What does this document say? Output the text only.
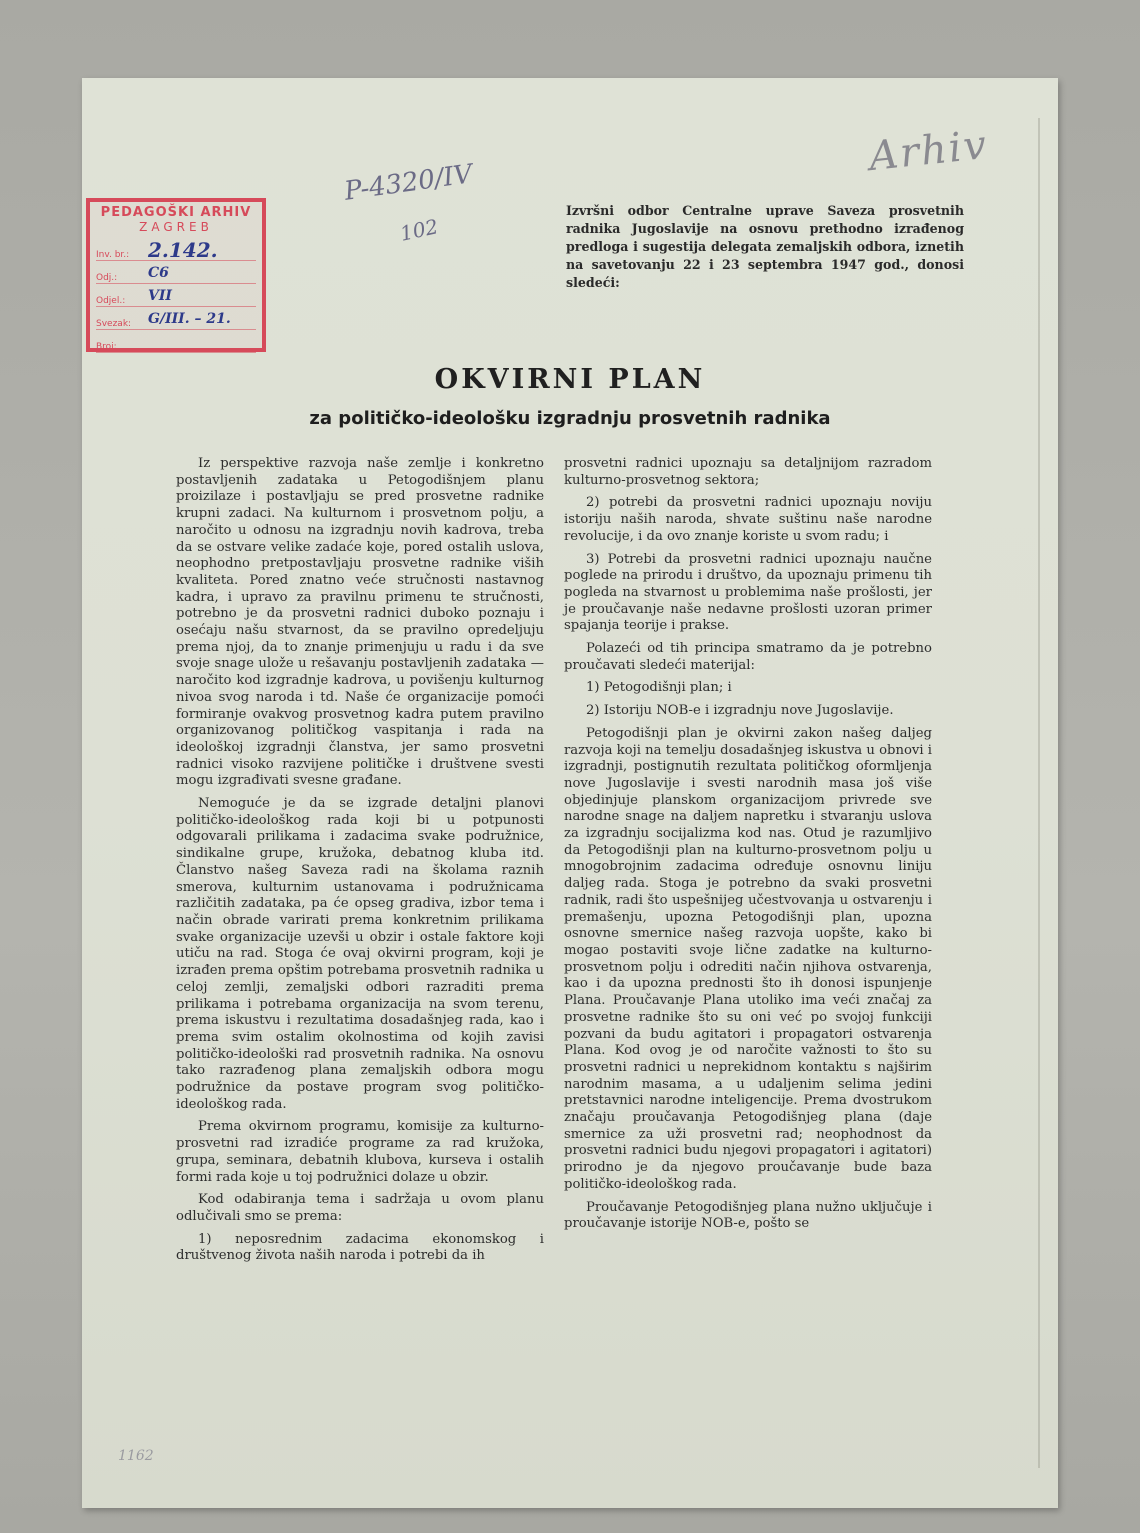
Arhiv
P-4320/IV
102
1162
PEDAGOŠKI ARHIV
ZAGREB
Inv. br.: 2.142.
Odj.:	C6
Odjel.:	VII
Svezak:	G/III. – 21.
Broj:
Izvršni odbor Centralne uprave Saveza prosvetnih radnika Jugoslavije na osnovu prethodno izrađenog predloga i sugestija delegata zemaljskih odbora, iznetih na savetovanju 22 i 23 septembra 1947 god., donosi sledeći:
OKVIRNI PLAN
za političko-ideološku izgradnju prosvetnih radnika

Iz perspektive razvoja naše zemlje i konkretno postavljenih zadataka u Petogodišnjem planu proizilaze i postavljaju se pred prosvetne radnike krupni zadaci. Na kulturnom i prosvetnom polju, a naročito u odnosu na izgradnju novih kadrova, treba da se ostvare velike zadaće koje, pored ostalih uslova, neophodno pretpostavljaju prosvetne radnike viših kvaliteta. Pored znatno veće stručnosti nastavnog kadra, i upravo za pravilnu primenu te stručnosti, potrebno je da prosvetni radnici duboko poznaju i osećaju našu stvarnost, da se pravilno opredeljuju prema njoj, da to znanje primenjuju u radu i da sve svoje snage ulože u rešavanju postavljenih zadataka — naročito kod izgradnje kadrova, u povišenju kulturnog nivoa svog naroda i td. Naše će organizacije pomoći formiranje ovakvog prosvetnog kadra putem pravilno organizovanog političkog vaspitanja i rada na ideološkoj izgradnji članstva, jer samo prosvetni radnici visoko razvijene političke i društvene svesti mogu izgrađivati svesne građane.

Nemoguće je da se izgrade detaljni planovi političko-ideološkog rada koji bi u potpunosti odgovarali prilikama i zadacima svake podružnice, sindikalne grupe, kružoka, debatnog kluba itd. Članstvo našeg Saveza radi na školama raznih smerova, kulturnim ustanovama i podružnicama različitih zadataka, pa će opseg gradiva, izbor tema i način obrade varirati prema konkretnim prilikama svake organizacije uzevši u obzir i ostale faktore koji utiču na rad. Stoga će ovaj okvirni program, koji je izrađen prema opštim potrebama prosvetnih radnika u celoj zemlji, zemaljski odbori razraditi prema prilikama i potrebama organizacija na svom terenu, prema iskustvu i rezultatima dosadašnjeg rada, kao i prema svim ostalim okolnostima od kojih zavisi političko-ideološki rad prosvetnih radnika. Na osnovu tako razrađenog plana zemaljskih odbora mogu podružnice da postave program svog političko-ideološkog rada.

Prema okvirnom programu, komisije za kulturno-prosvetni rad izradiće programe za rad kružoka, grupa, seminara, debatnih klubova, kurseva i ostalih formi rada koje u toj podružnici dolaze u obzir.

Kod odabiranja tema i sadržaja u ovom planu odlučivali smo se prema:

1) neposrednim zadacima ekonomskog i društvenog života naših naroda i potrebi da ih

prosvetni radnici upoznaju sa detaljnijom razradom kulturno-prosvetnog sektora;

2) potrebi da prosvetni radnici upoznaju noviju istoriju naših naroda, shvate suštinu naše narodne revolucije, i da ovo znanje koriste u svom radu; i

3) Potrebi da prosvetni radnici upoznaju naučne poglede na prirodu i društvo, da upoznaju primenu tih pogleda na stvarnost u problemima naše prošlosti, jer je proučavanje naše nedavne prošlosti uzoran primer spajanja teorije i prakse.

Polazeći od tih principa smatramo da je potrebno proučavati sledeći materijal:

1) Petogodišnji plan; i

2) Istoriju NOB-e i izgradnju nove Jugoslavije.

Petogodišnji plan je okvirni zakon našeg daljeg razvoja koji na temelju dosadašnjeg iskustva u obnovi i izgradnji, postignutih rezultata političkog oformljenja nove Jugoslavije i svesti narodnih masa još više objedinjuje planskom organizacijom privrede sve narodne snage na daljem napretku i stvaranju uslova za izgradnju socijalizma kod nas. Otud je razumljivo da Petogodišnji plan na kulturno-prosvetnom polju u mnogobrojnim zadacima određuje osnovnu liniju daljeg rada. Stoga je potrebno da svaki prosvetni radnik, radi što uspešnijeg učestvovanja u ostvarenju i premašenju, upozna Petogodišnji plan, upozna osnovne smernice našeg razvoja uopšte, kako bi mogao postaviti svoje lične zadatke na kulturno-prosvetnom polju i odrediti način njihova ostvarenja, kao i da upozna prednosti što ih donosi ispunjenje Plana. Proučavanje Plana utoliko ima veći značaj za prosvetne radnike što su oni već po svojoj funkciji pozvani da budu agitatori i propagatori ostvarenja Plana. Kod ovog je od naročite važnosti to što su prosvetni radnici u neprekidnom kontaktu s najširim narodnim masama, a u udaljenim selima jedini pretstavnici narodne inteligencije. Prema dvostrukom značaju proučavanja Petogodišnjeg plana (daje smernice za uži prosvetni rad; neophodnost da prosvetni radnici budu njegovi propagatori i agitatori) prirodno je da njegovo proučavanje bude baza političko-ideološkog rada.

Proučavanje Petogodišnjeg plana nužno uključuje i proučavanje istorije NOB-e, pošto se
